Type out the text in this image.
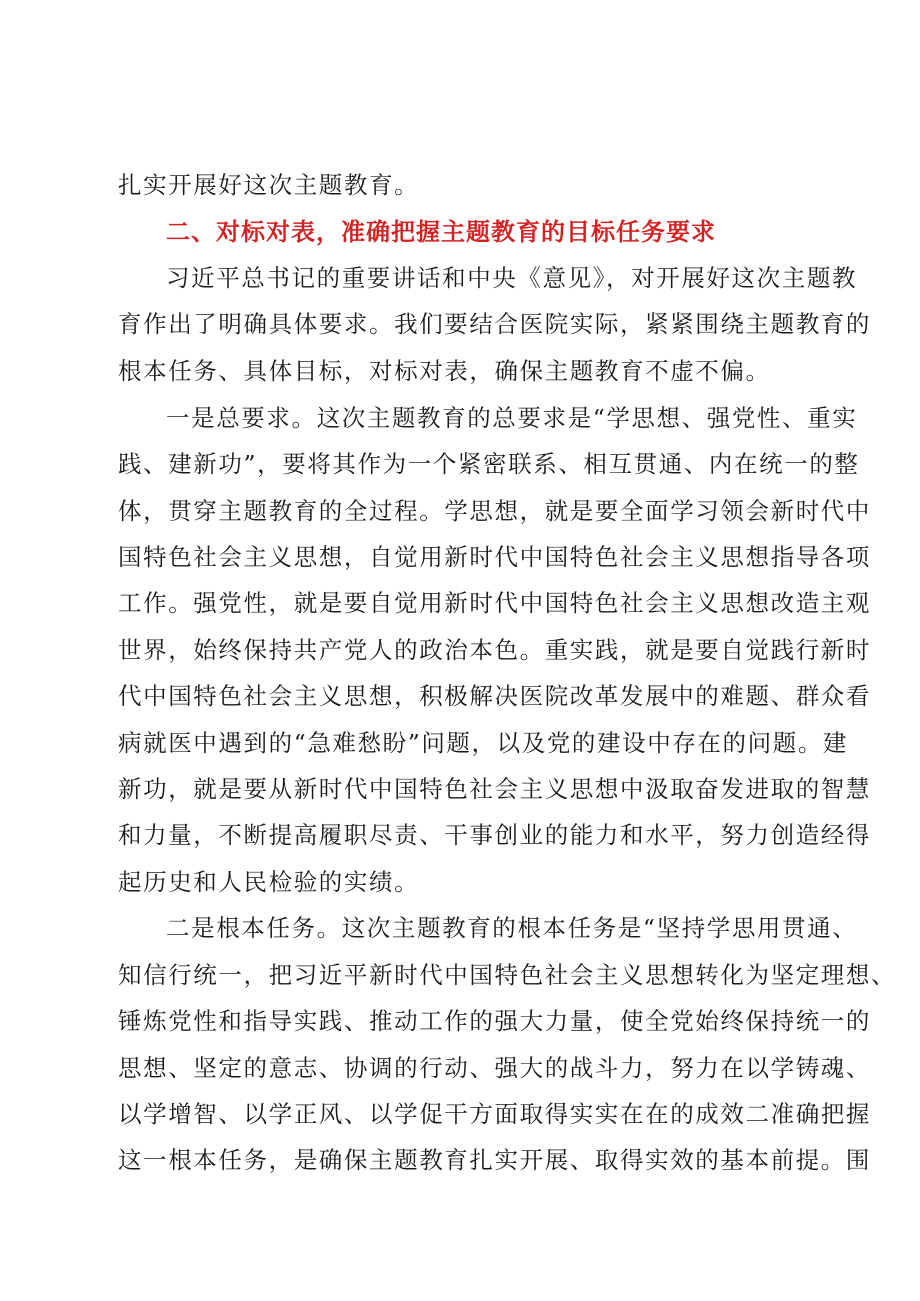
扎实开展好这次主题教育。
二、对标对表，准确把握主题教育的目标任务要求
习近平总书记的重要讲话和中央《意见》，对开展好这次主题教
育作出了明确具体要求。我们要结合医院实际，紧紧围绕主题教育的
根本任务、具体目标，对标对表，确保主题教育不虚不偏。
一是总要求。这次主题教育的总要求是“学思想、强党性、重实
践、建新功”，要将其作为一个紧密联系、相互贯通、内在统一的整
体，贯穿主题教育的全过程。学思想，就是要全面学习领会新时代中
国特色社会主义思想，自觉用新时代中国特色社会主义思想指导各项
工作。强党性，就是要自觉用新时代中国特色社会主义思想改造主观
世界，始终保持共产党人的政治本色。重实践，就是要自觉践行新时
代中国特色社会主义思想，积极解决医院改革发展中的难题、群众看
病就医中遇到的“急难愁盼”问题，以及党的建设中存在的问题。建
新功，就是要从新时代中国特色社会主义思想中汲取奋发进取的智慧
和力量，不断提高履职尽责、干事创业的能力和水平，努力创造经得
起历史和人民检验的实绩。
二是根本任务。这次主题教育的根本任务是“坚持学思用贯通、
知信行统一，把习近平新时代中国特色社会主义思想转化为坚定理想、
锤炼党性和指导实践、推动工作的强大力量，使全党始终保持统一的
思想、坚定的意志、协调的行动、强大的战斗力，努力在以学铸魂、
以学增智、以学正风、以学促干方面取得实实在在的成效二准确把握
这一根本任务，是确保主题教育扎实开展、取得实效的基本前提。围
